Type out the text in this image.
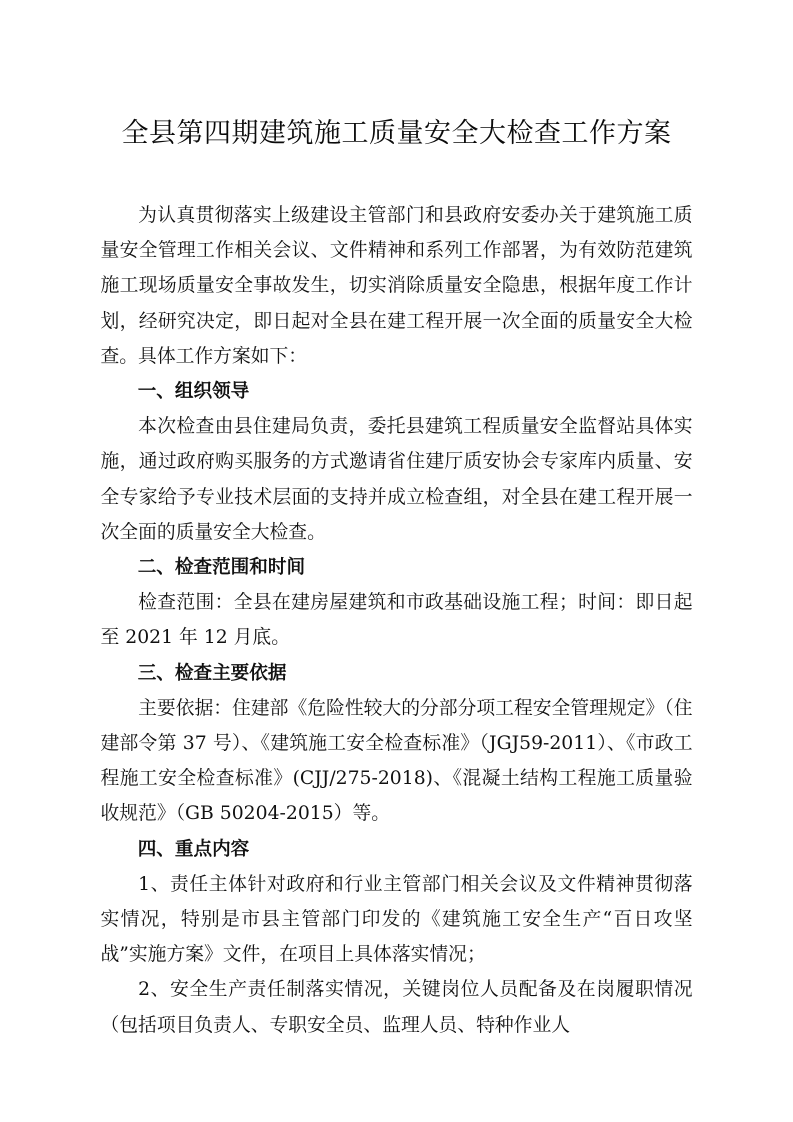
全县第四期建筑施工质量安全大检查工作方案

为认真贯彻落实上级建设主管部门和县政府安委办关于建筑施工质量安全管理工作相关会议、文件精神和系列工作部署，为有效防范建筑施工现场质量安全事故发生，切实消除质量安全隐患，根据年度工作计划，经研究决定，即日起对全县在建工程开展一次全面的质量安全大检查。具体工作方案如下：

一、组织领导

本次检查由县住建局负责，委托县建筑工程质量安全监督站具体实施，通过政府购买服务的方式邀请省住建厅质安协会专家库内质量、安全专家给予专业技术层面的支持并成立检查组，对全县在建工程开展一次全面的质量安全大检查。

二、检查范围和时间

检查范围：全县在建房屋建筑和市政基础设施工程；时间：即日起至 2021 年 12 月底。

三、检查主要依据

主要依据：住建部《危险性较大的分部分项工程安全管理规定》（住建部令第 37 号）、《建筑施工安全检查标准》（JGJ59-2011）、《市政工程施工安全检查标准》(CJJ/275-2018)、《混凝土结构工程施工质量验收规范》（GB 50204-2015）等。

四、重点内容

1、责任主体针对政府和行业主管部门相关会议及文件精神贯彻落实情况，特别是市县主管部门印发的《建筑施工安全生产“百日攻坚战”实施方案》文件，在项目上具体落实情况；

2、安全生产责任制落实情况，关键岗位人员配备及在岗履职情况（包括项目负责人、专职安全员、监理人员、特种作业人
